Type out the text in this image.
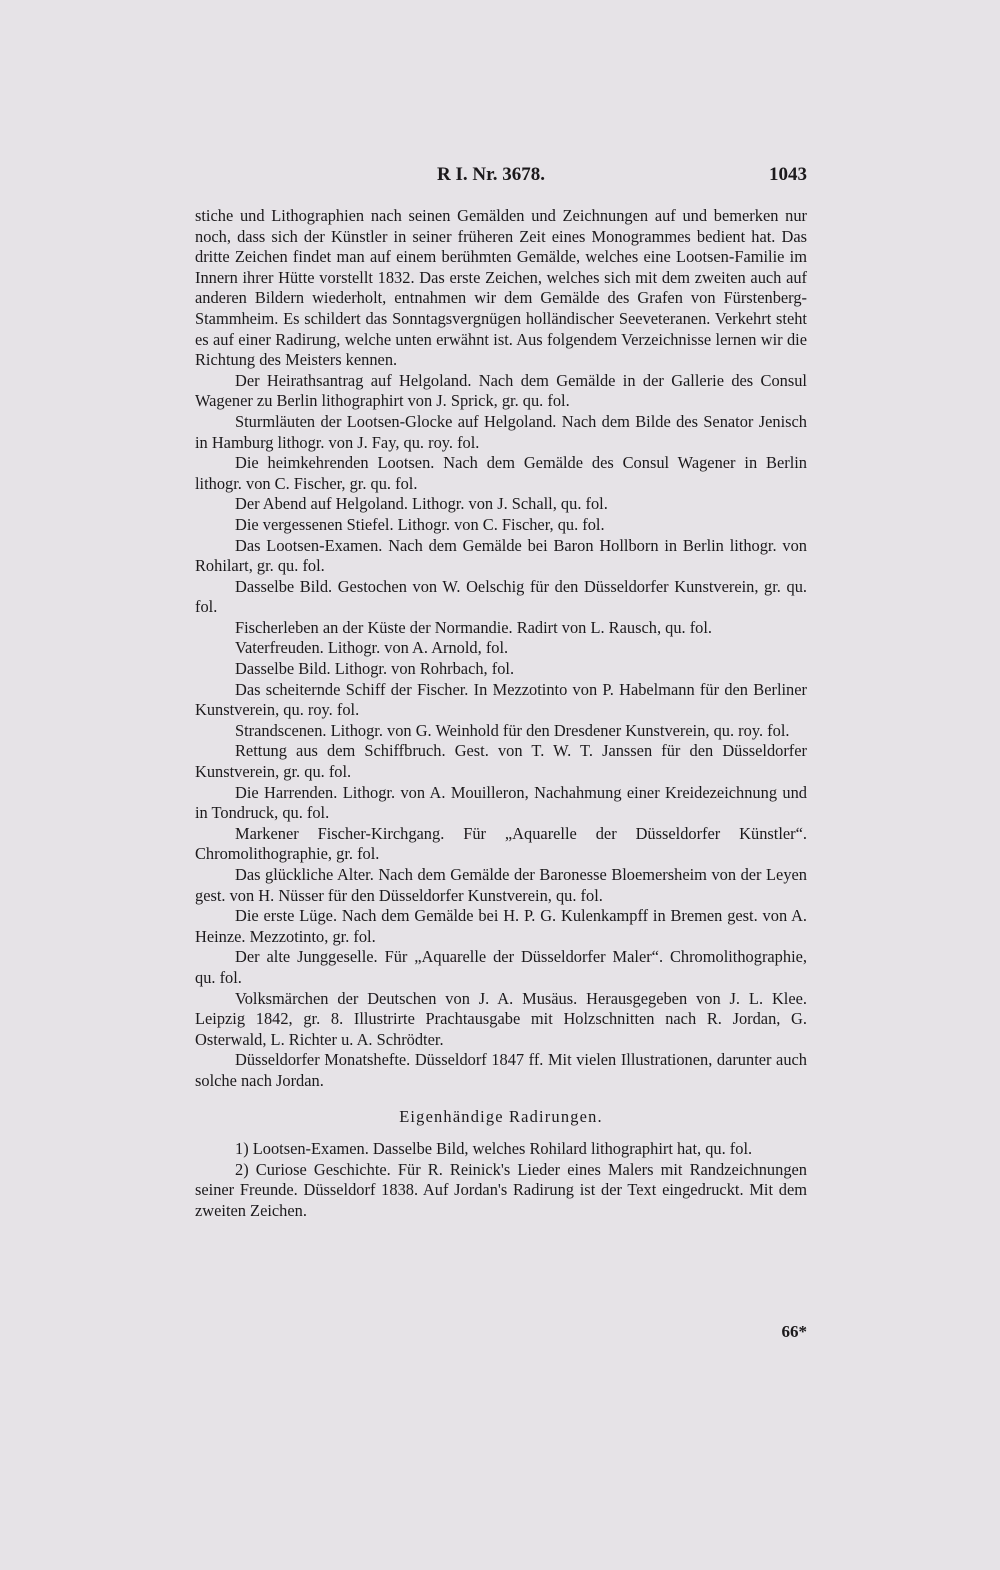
R I. Nr. 3678.	1043

stiche und Lithographien nach seinen Gemälden und Zeichnungen auf und bemerken nur noch, dass sich der Künstler in seiner früheren Zeit eines Monogrammes bedient hat. Das dritte Zeichen findet man auf einem berühmten Gemälde, welches eine Lootsen-Familie im Innern ihrer Hütte vorstellt 1832. Das erste Zeichen, welches sich mit dem zweiten auch auf anderen Bildern wiederholt, entnahmen wir dem Gemälde des Grafen von Fürstenberg-Stammheim. Es schildert das Sonntagsvergnügen holländischer Seeveteranen. Verkehrt steht es auf einer Radirung, welche unten erwähnt ist. Aus folgendem Verzeichnisse lernen wir die Richtung des Meisters kennen.

Der Heirathsantrag auf Helgoland. Nach dem Gemälde in der Gallerie des Consul Wagener zu Berlin lithographirt von J. Sprick, gr. qu. fol.

Sturmläuten der Lootsen-Glocke auf Helgoland. Nach dem Bilde des Senator Jenisch in Hamburg lithogr. von J. Fay, qu. roy. fol.

Die heimkehrenden Lootsen. Nach dem Gemälde des Consul Wagener in Berlin lithogr. von C. Fischer, gr. qu. fol.

Der Abend auf Helgoland. Lithogr. von J. Schall, qu. fol.

Die vergessenen Stiefel. Lithogr. von C. Fischer, qu. fol.

Das Lootsen-Examen. Nach dem Gemälde bei Baron Hollborn in Berlin lithogr. von Rohilart, gr. qu. fol.

Dasselbe Bild. Gestochen von W. Oelschig für den Düsseldorfer Kunstverein, gr. qu. fol.

Fischerleben an der Küste der Normandie. Radirt von L. Rausch, qu. fol.

Vaterfreuden. Lithogr. von A. Arnold, fol.

Dasselbe Bild. Lithogr. von Rohrbach, fol.

Das scheiternde Schiff der Fischer. In Mezzotinto von P. Habelmann für den Berliner Kunstverein, qu. roy. fol.

Strandscenen. Lithogr. von G. Weinhold für den Dresdener Kunstverein, qu. roy. fol.

Rettung aus dem Schiffbruch. Gest. von T. W. T. Janssen für den Düsseldorfer Kunstverein, gr. qu. fol.

Die Harrenden. Lithogr. von A. Mouilleron, Nachahmung einer Kreidezeichnung und in Tondruck, qu. fol.

Markener Fischer-Kirchgang. Für „Aquarelle der Düsseldorfer Künstler“. Chromolithographie, gr. fol.

Das glückliche Alter. Nach dem Gemälde der Baronesse Bloemersheim von der Leyen gest. von H. Nüsser für den Düsseldorfer Kunstverein, qu. fol.

Die erste Lüge. Nach dem Gemälde bei H. P. G. Kulenkampff in Bremen gest. von A. Heinze. Mezzotinto, gr. fol.

Der alte Junggeselle. Für „Aquarelle der Düsseldorfer Maler“. Chromolithographie, qu. fol.

Volksmärchen der Deutschen von J. A. Musäus. Herausgegeben von J. L. Klee. Leipzig 1842, gr. 8. Illustrirte Prachtausgabe mit Holzschnitten nach R. Jordan, G. Osterwald, L. Richter u. A. Schrödter.

Düsseldorfer Monatshefte. Düsseldorf 1847 ff. Mit vielen Illustrationen, darunter auch solche nach Jordan.

Eigenhändige Radirungen.

1) Lootsen-Examen. Dasselbe Bild, welches Rohilard lithographirt hat, qu. fol.

2) Curiose Geschichte. Für R. Reinick's Lieder eines Malers mit Randzeichnungen seiner Freunde. Düsseldorf 1838. Auf Jordan's Radirung ist der Text eingedruckt. Mit dem zweiten Zeichen.

66*
